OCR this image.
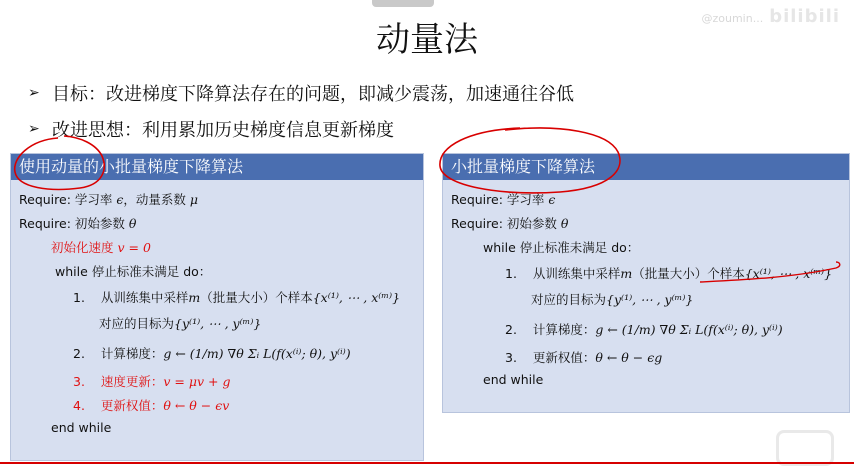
@zoumin... bilibili
动量法
➢ 目标：改进梯度下降算法存在的问题，即减少震荡，加速通往谷低
➢ 改进思想：利用累加历史梯度信息更新梯度
使用动量的小批量梯度下降算法
Require: 学习率 ϵ，动量系数 μ
Require: 初始参数 θ
初始化速度 v = 0
while 停止标准未满足 do：
1. 从训练集中采样m（批量大小）个样本{x⁽¹⁾, ⋯ , x⁽ᵐ⁾}
对应的目标为{y⁽¹⁾, ⋯ , y⁽ᵐ⁾}
2. 计算梯度：g ← (1/m) ∇θ Σᵢ L(f(x⁽ⁱ⁾; θ), y⁽ⁱ⁾)
3. 速度更新：v = μv + g
4. 更新权值：θ ← θ − ϵv
end while
小批量梯度下降算法
Require: 学习率 ϵ
Require: 初始参数 θ
while 停止标准未满足 do：
1. 从训练集中采样m（批量大小）个样本{x⁽¹⁾, ⋯ , x⁽ᵐ⁾}
对应的目标为{y⁽¹⁾, ⋯ , y⁽ᵐ⁾}
2. 计算梯度：g ← (1/m) ∇θ Σᵢ L(f(x⁽ⁱ⁾; θ), y⁽ⁱ⁾)
3. 更新权值：θ ← θ − ϵg
end while
